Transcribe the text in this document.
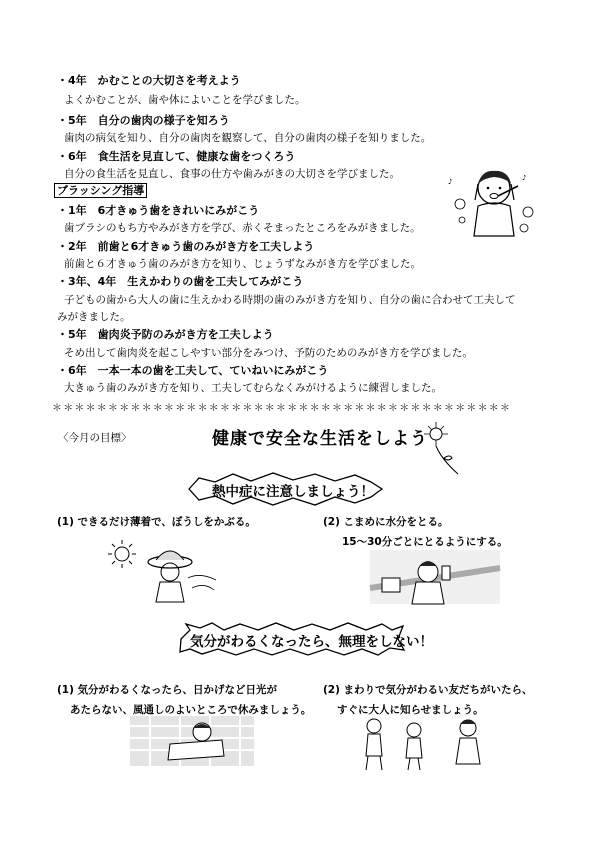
・4年　かむことの大切さを考えよう
よくかむことが、歯や体によいことを学びました。
・5年　自分の歯肉の様子を知ろう
歯肉の病気を知り、自分の歯肉を観察して、自分の歯肉の様子を知りました。
・6年　食生活を見直して、健康な歯をつくろう
自分の食生活を見直し、食事の仕方や歯みがきの大切さを学びました。
ブラッシング指導
・1年　6才きゅう歯をきれいにみがこう
歯ブラシのもち方やみがき方を学び、赤くそまったところをみがきました。
・2年　前歯と6才きゅう歯のみがき方を工夫しよう
前歯と６才きゅう歯のみがき方を知り、じょうずなみがき方を学びました。
・3年、4年　生えかわりの歯を工夫してみがこう
子どもの歯から大人の歯に生えかわる時期の歯のみがき方を知り、自分の歯に合わせて工夫して
みがきました。
・5年　歯肉炎予防のみがき方を工夫しよう
そめ出して歯肉炎を起こしやすい部分をみつけ、予防のためのみがき方を学びました。
・6年　一本一本の歯を工夫して、ていねいにみがこう
大きゅう歯のみがき方を知り、工夫してむらなくみがけるように練習しました。
♪	♪
＊＊＊＊＊＊＊＊＊＊＊＊＊＊＊＊＊＊＊＊＊＊＊＊＊＊＊＊＊＊＊＊＊＊＊＊＊＊＊＊＊
〈今月の目標〉	健康で安全な生活をしよう
熱中症に注意しましょう！
(1) できるだけ薄着で、ぼうしをかぶる。	(2) こまめに水分をとる。
15～30分ごとにとるようにする。
気分がわるくなったら、無理をしない！
(1) 気分がわるくなったら、日かげなど日光が
あたらない、風通しのよいところで休みましょう。
(2) まわりで気分がわるい友だちがいたら、
すぐに大人に知らせましょう。
